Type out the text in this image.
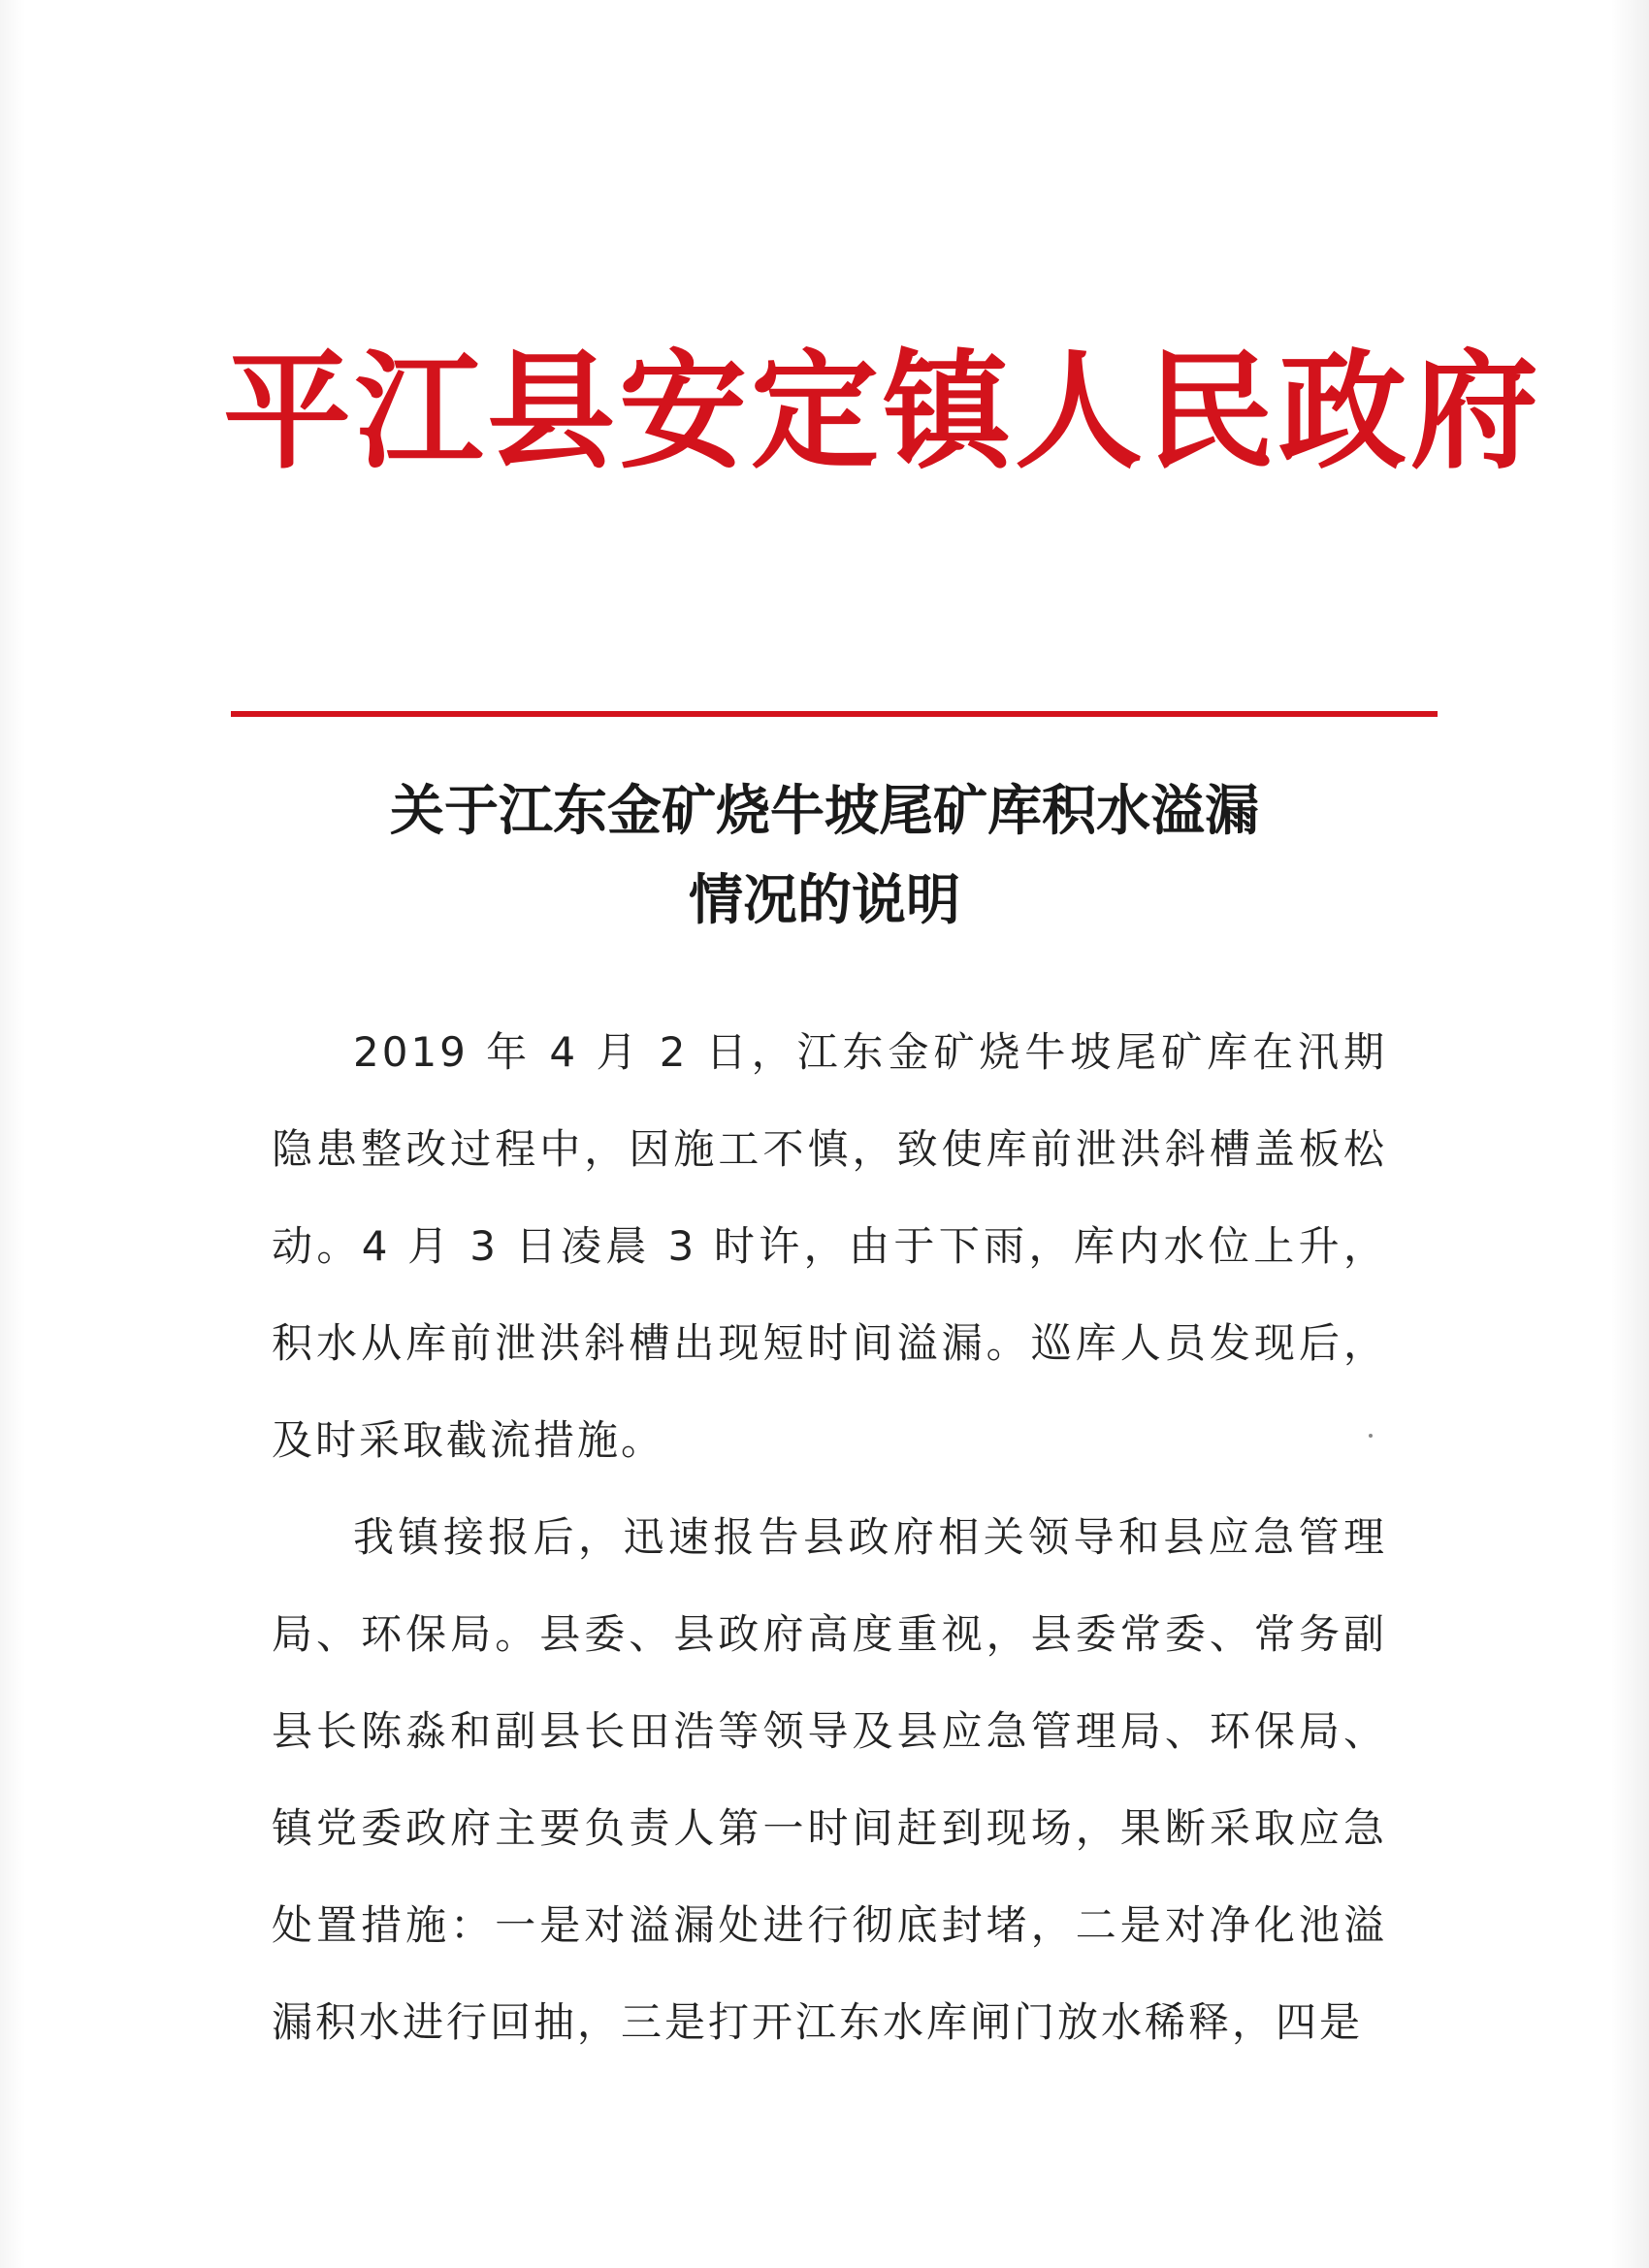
平江县安定镇人民政府
关于江东金矿烧牛坡尾矿库积水溢漏
情况的说明

2019 年 4 月 2 日，江东金矿烧牛坡尾矿库在汛期隐患整改过程中，因施工不慎，致使库前泄洪斜槽盖板松动。4 月 3 日凌晨 3 时许，由于下雨，库内水位上升，积水从库前泄洪斜槽出现短时间溢漏。巡库人员发现后，及时采取截流措施。

我镇接报后，迅速报告县政府相关领导和县应急管理局、环保局。县委、县政府高度重视，县委常委、常务副县长陈淼和副县长田浩等领导及县应急管理局、环保局、镇党委政府主要负责人第一时间赶到现场，果断采取应急处置措施：一是对溢漏处进行彻底封堵，二是对净化池溢漏积水进行回抽，三是打开江东水库闸门放水稀释，四是
